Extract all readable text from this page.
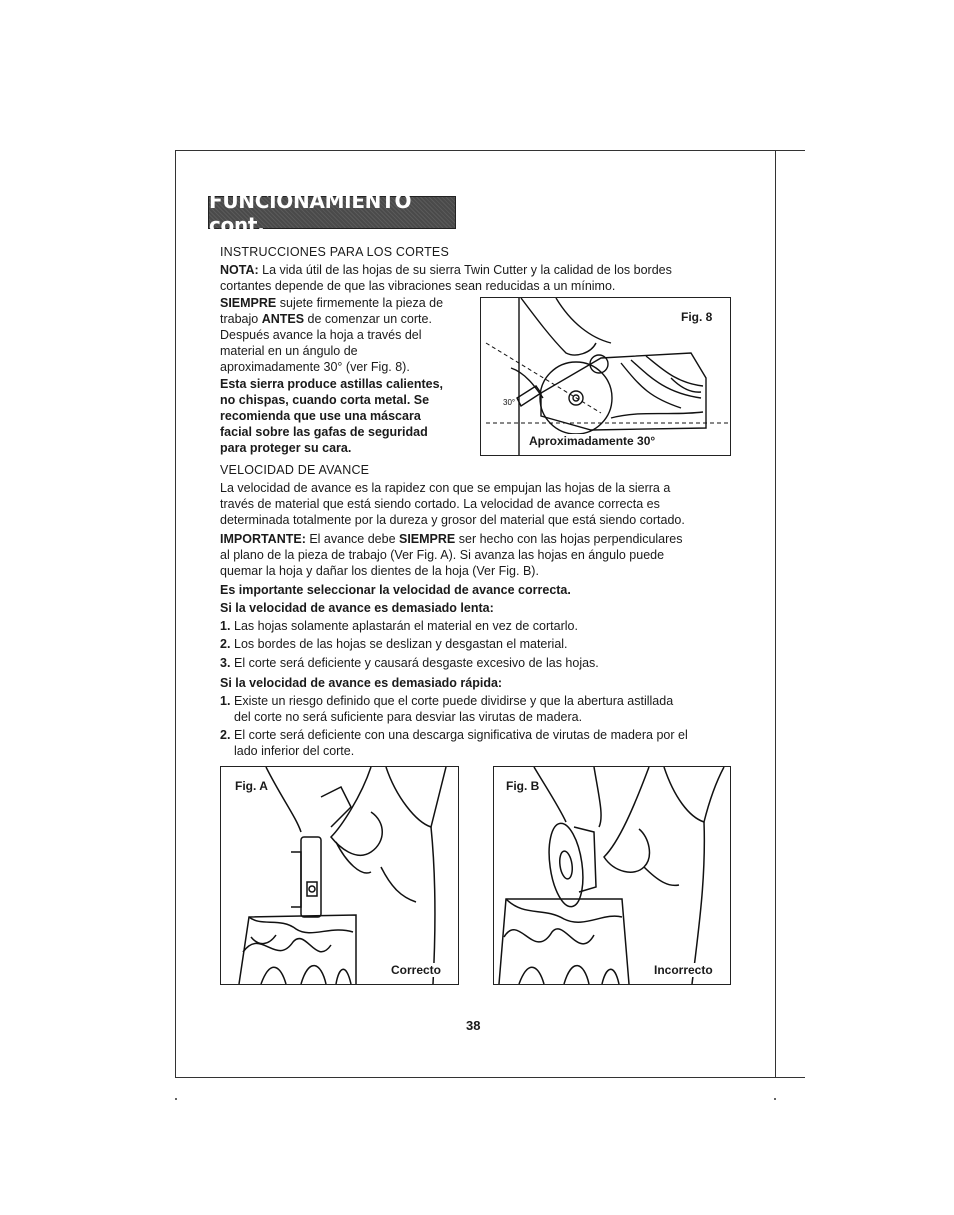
FUNCIONAMIENTO cont.
INSTRUCCIONES PARA LOS CORTES
NOTA: La vida útil de las hojas de su sierra Twin Cutter y la calidad de los bordes
cortantes depende de que las vibraciones sean reducidas a un mínimo.
SIEMPRE sujete firmemente la pieza de
trabajo ANTES de comenzar un corte.
Después avance la hoja a través del
material en un ángulo de
aproximadamente 30° (ver Fig. 8).
Esta sierra produce astillas calientes,
no chispas, cuando corta metal. Se
recomienda que use una máscara
facial sobre las gafas de seguridad
para proteger su cara.
30°
Fig. 8
Aproximadamente 30°
VELOCIDAD DE AVANCE
La velocidad de avance es la rapidez con que se empujan las hojas de la sierra a
través de material que está siendo cortado. La velocidad de avance correcta es
determinada totalmente por la dureza y grosor del material que está siendo cortado.
IMPORTANTE: El avance debe SIEMPRE ser hecho con las hojas perpendiculares
al plano de la pieza de trabajo (Ver Fig. A). Si avanza las hojas en ángulo puede
quemar la hoja y dañar los dientes de la hoja (Ver Fig. B).
Es importante seleccionar la velocidad de avance correcta.
Si la velocidad de avance es demasiado lenta:
1. Las hojas solamente aplastarán el material en vez de cortarlo.
2. Los bordes de las hojas se deslizan y desgastan el material.
3. El corte será deficiente y causará desgaste excesivo de las hojas.
Si la velocidad de avance es demasiado rápida:
1. Existe un riesgo definido que el corte puede dividirse y que la abertura astillada
del corte no será suficiente para desviar las virutas de madera.
2. El corte será deficiente con una descarga significativa de virutas de madera por el
lado inferior del corte.
Fig. A
Correcto
Fig. B
Incorrecto
38
